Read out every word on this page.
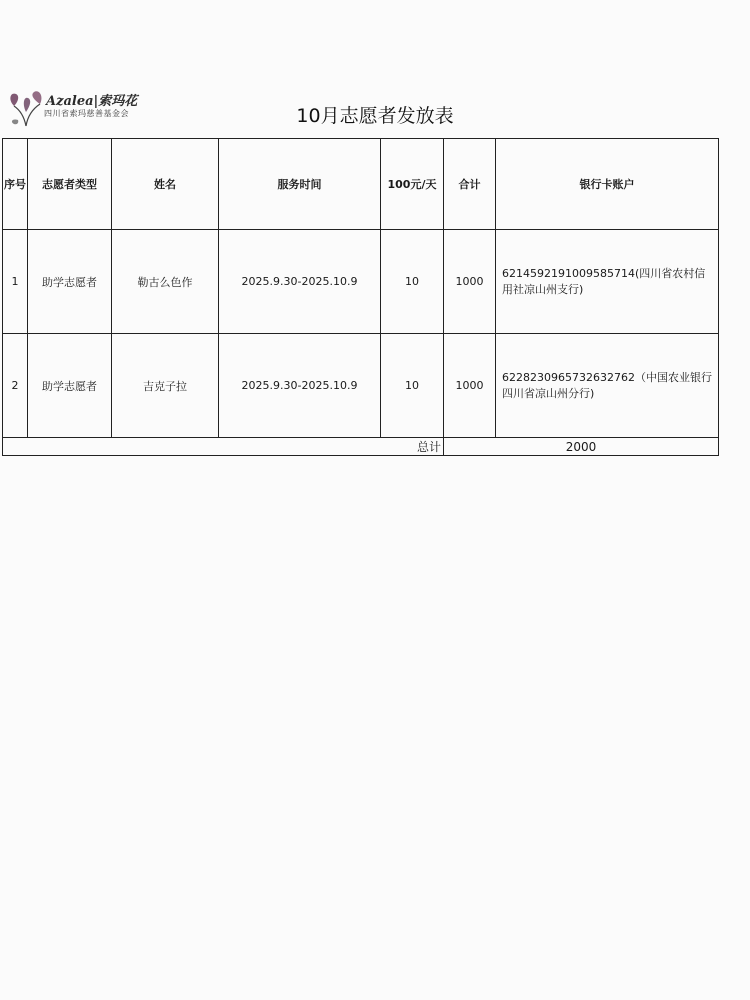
Azalea|索玛花
四川省索玛慈善基金会	10月志愿者发放表
序号	志愿者类型	姓名	服务时间	100元/天	合计	银行卡账户
1	助学志愿者	勒古么色作	2025.9.30-2025.10.9	10	1000	6214592191009585714(四川省农村信用社凉山州支行)
2	助学志愿者	吉克子拉	2025.9.30-2025.10.9	10	1000	6228230965732632762（中国农业银行四川省凉山州分行)
总计					2000	
